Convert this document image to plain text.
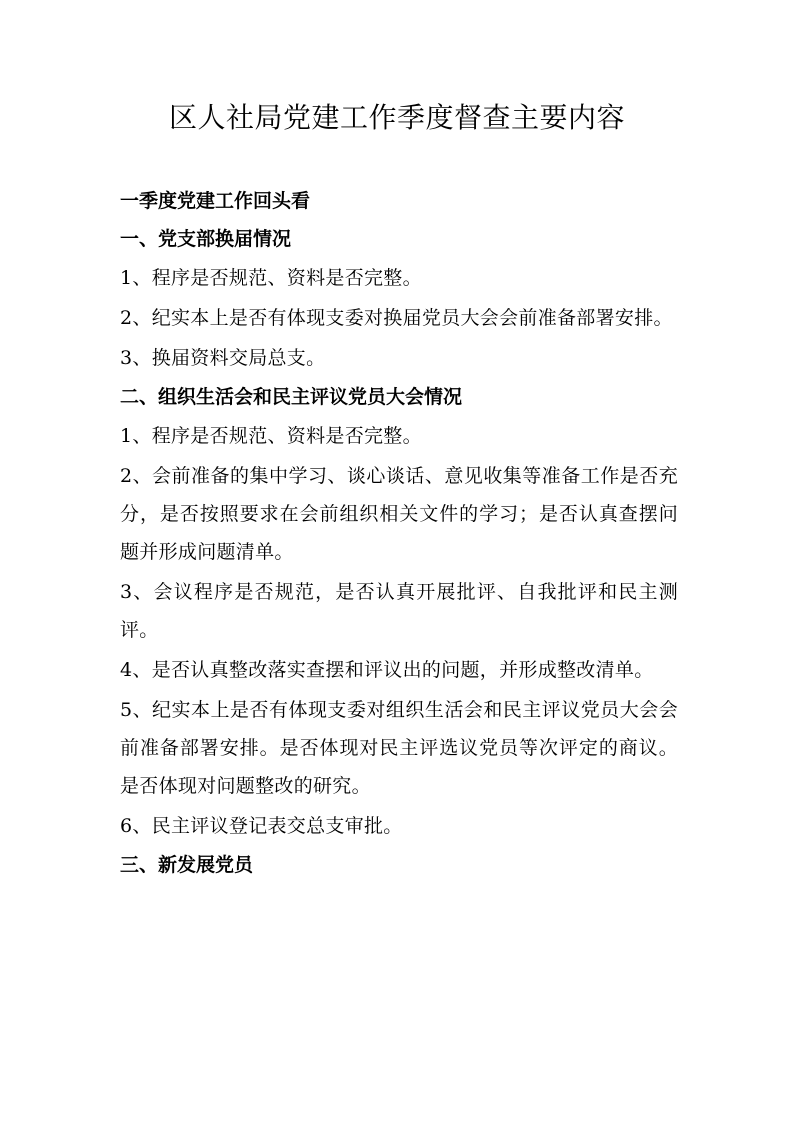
区人社局党建工作季度督查主要内容
一季度党建工作回头看
一、党支部换届情况
1、程序是否规范、资料是否完整。
2、纪实本上是否有体现支委对换届党员大会会前准备部署安排。
3、换届资料交局总支。
二、组织生活会和民主评议党员大会情况
1、程序是否规范、资料是否完整。
2、会前准备的集中学习、谈心谈话、意见收集等准备工作是否充分，是否按照要求在会前组织相关文件的学习；是否认真查摆问题并形成问题清单。
3、会议程序是否规范，是否认真开展批评、自我批评和民主测评。
4、是否认真整改落实查摆和评议出的问题，并形成整改清单。
5、纪实本上是否有体现支委对组织生活会和民主评议党员大会会前准备部署安排。是否体现对民主评选议党员等次评定的商议。是否体现对问题整改的研究。
6、民主评议登记表交总支审批。
三、新发展党员
